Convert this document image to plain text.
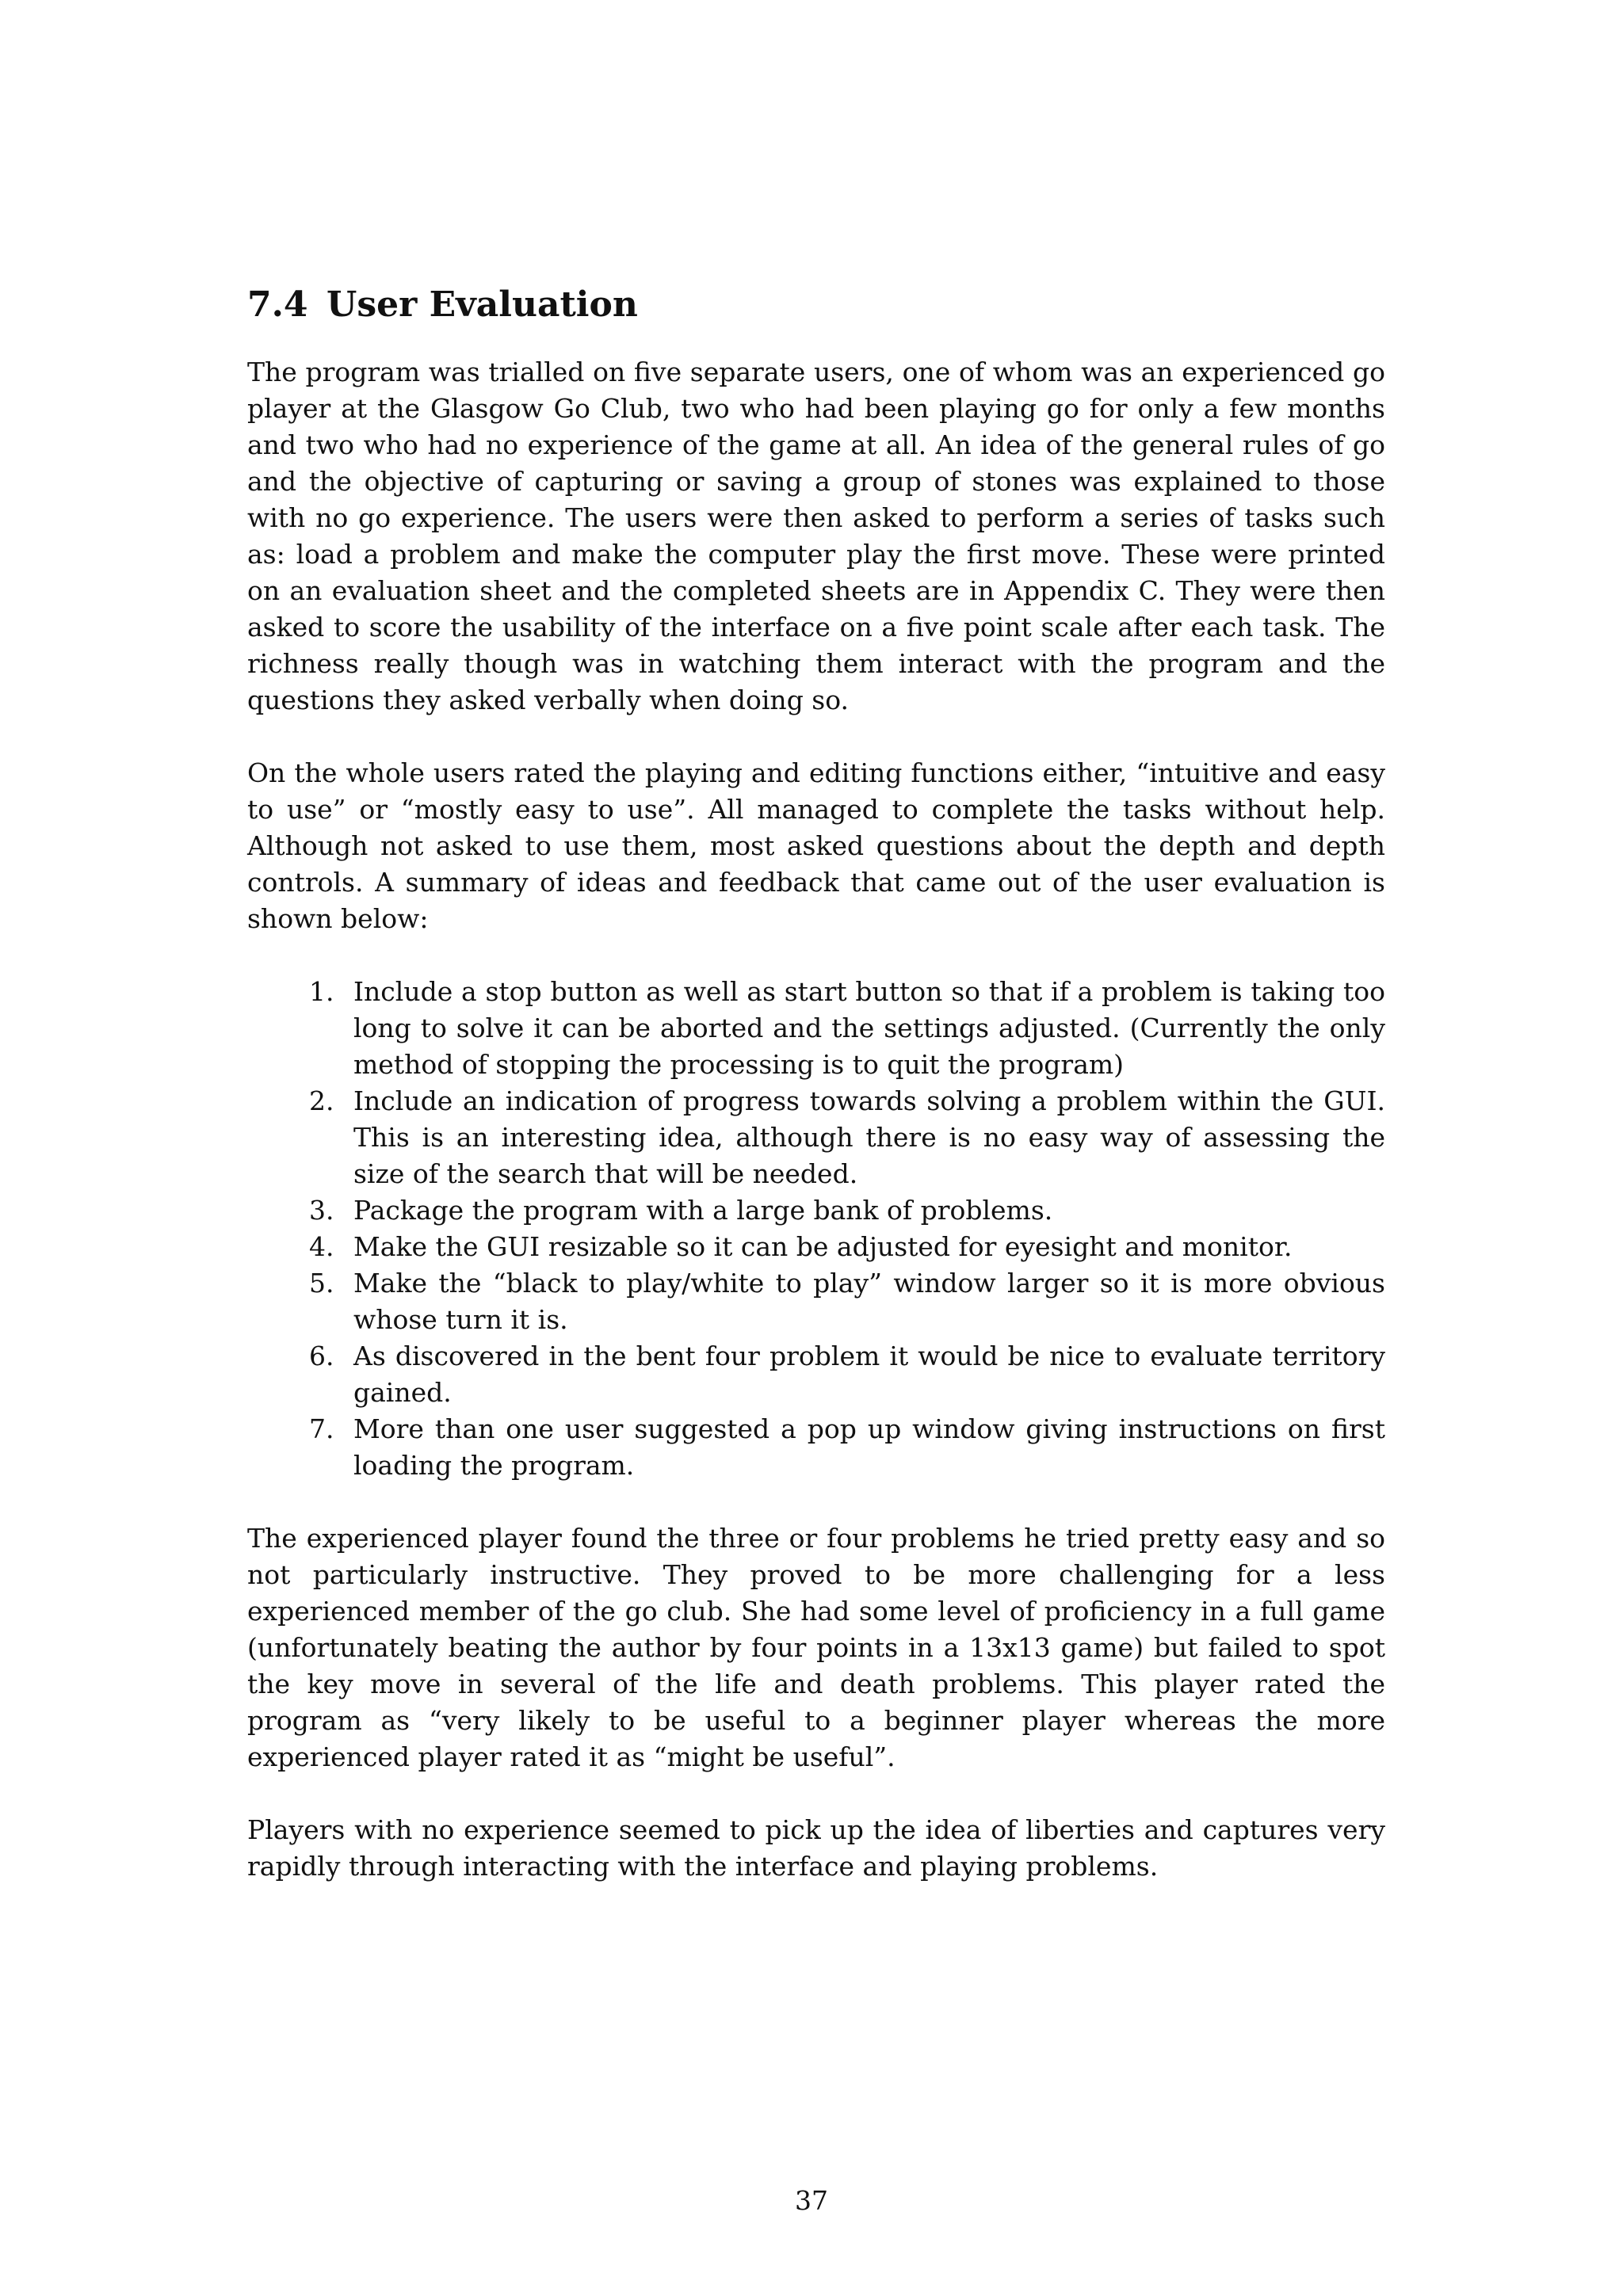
7.4 User Evaluation

The program was trialled on five separate users, one of whom was an experienced go player at the Glasgow Go Club, two who had been playing go for only a few months and two who had no experience of the game at all. An idea of the general rules of go and the objective of capturing or saving a group of stones was explained to those with no go experience. The users were then asked to perform a series of tasks such as: load a problem and make the computer play the first move. These were printed on an evaluation sheet and the completed sheets are in Appendix C. They were then asked to score the usability of the interface on a five point scale after each task. The richness really though was in watching them interact with the program and the questions they asked verbally when doing so.

On the whole users rated the playing and editing functions either, “intuitive and easy to use” or “mostly easy to use”. All managed to complete the tasks without help. Although not asked to use them, most asked questions about the depth and depth controls. A summary of ideas and feedback that came out of the user evaluation is shown below:

1. Include a stop button as well as start button so that if a problem is taking too long to solve it can be aborted and the settings adjusted. (Currently the only method of stopping the processing is to quit the program)
2. Include an indication of progress towards solving a problem within the GUI. This is an interesting idea, although there is no easy way of assessing the size of the search that will be needed.
3. Package the program with a large bank of problems.
4. Make the GUI resizable so it can be adjusted for eyesight and monitor.
5. Make the “black to play/white to play” window larger so it is more obvious whose turn it is.
6. As discovered in the bent four problem it would be nice to evaluate territory gained.
7. More than one user suggested a pop up window giving instructions on first loading the program.

The experienced player found the three or four problems he tried pretty easy and so not particularly instructive. They proved to be more challenging for a less experienced member of the go club. She had some level of proficiency in a full game (unfortunately beating the author by four points in a 13x13 game) but failed to spot the key move in several of the life and death problems. This player rated the program as “very likely to be useful to a beginner player whereas the more experienced player rated it as “might be useful”.

Players with no experience seemed to pick up the idea of liberties and captures very rapidly through interacting with the interface and playing problems.

37
